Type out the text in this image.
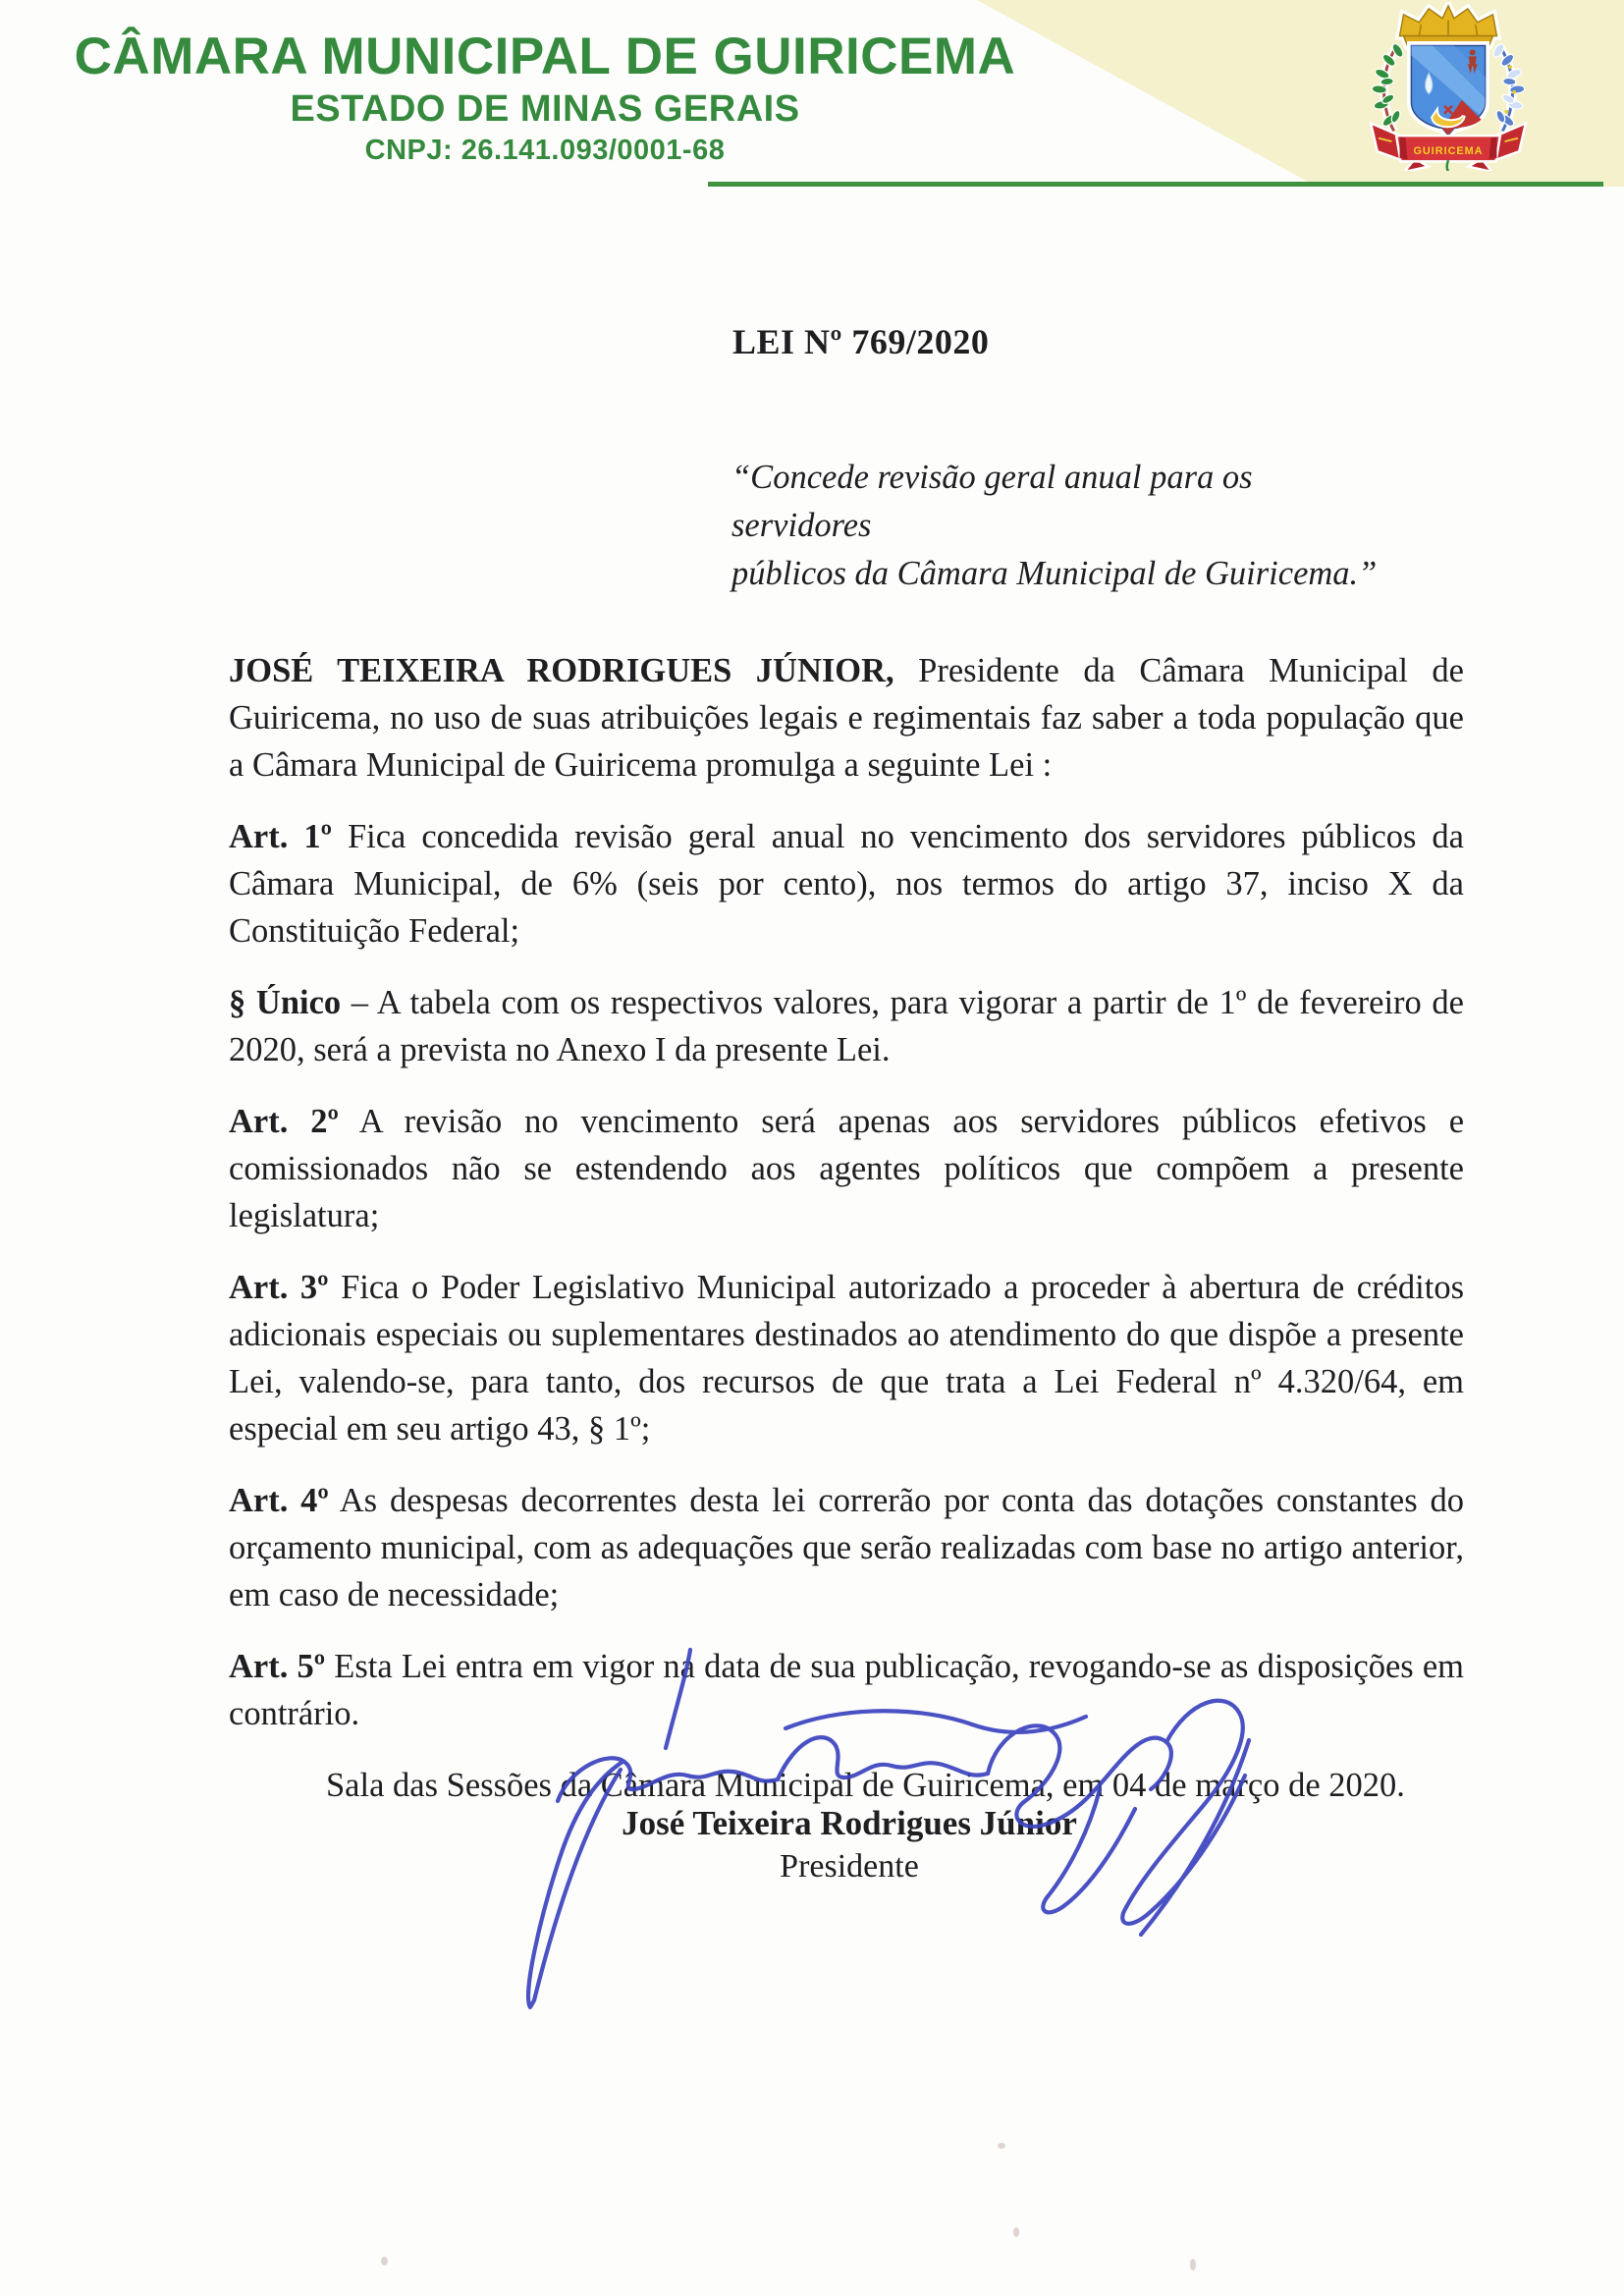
CÂMARA MUNICIPAL DE GUIRICEMA
ESTADO DE MINAS GERAIS
CNPJ: 26.141.093/0001-68	GUIRICEMA
LEI Nº 769/2020
“Concede revisão geral anual para os servidores
públicos da Câmara Municipal de Guiricema.”

JOSÉ TEIXEIRA RODRIGUES JÚNIOR, Presidente da Câmara Municipal de Guiricema, no uso de suas atribuições legais e regimentais faz saber a toda população que a Câmara Municipal de Guiricema promulga a seguinte Lei :

Art. 1º Fica concedida revisão geral anual no vencimento dos servidores públicos da Câmara Municipal, de 6% (seis por cento), nos termos do artigo 37, inciso X da Constituição Federal;

§ Único – A tabela com os respectivos valores, para vigorar a partir de 1º de fevereiro de 2020, será a prevista no Anexo I da presente Lei.

Art. 2º A revisão no vencimento será apenas aos servidores públicos efetivos e comissionados não se estendendo aos agentes políticos que compõem a presente legislatura;

Art. 3º Fica o Poder Legislativo Municipal autorizado a proceder à abertura de créditos adicionais especiais ou suplementares destinados ao atendimento do que dispõe a presente Lei, valendo-se, para tanto, dos recursos de que trata a Lei Federal nº 4.320/64, em especial em seu artigo 43, § 1º;

Art. 4º As despesas decorrentes desta lei correrão por conta das dotações constantes do orçamento municipal, com as adequações que serão realizadas com base no artigo anterior, em caso de necessidade;

Art. 5º Esta Lei entra em vigor na data de sua publicação, revogando-se as disposições em contrário.

Sala das Sessões da Câmara Municipal de Guiricema, em 04 de março de 2020.

José Teixeira Rodrigues Júnior
Presidente
